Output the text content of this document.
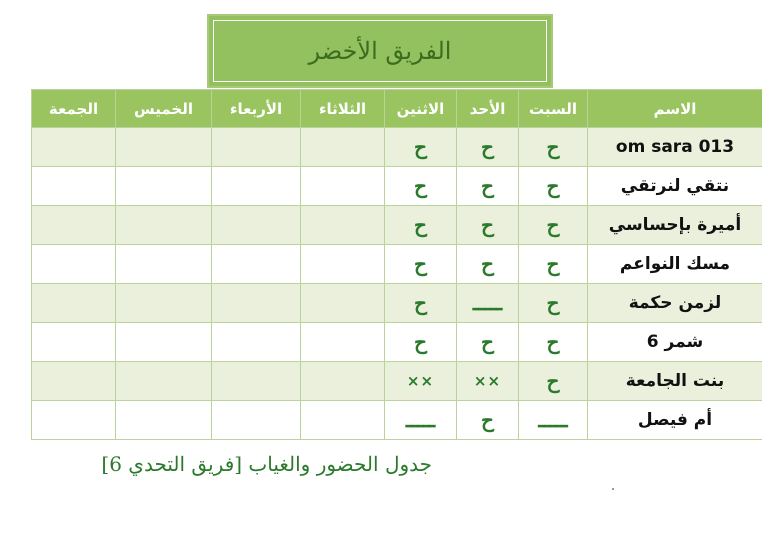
الفريق الأخضر
الجمعة	الخميس	الأربعاء	الثلاثاء	الاثنين	الأحد	السبت	الاسم
				ح	ح	ح	om sara 013
				ح	ح	ح	نتقي لنرتقي
				ح	ح	ح	أميرة بإحساسي
				ح	ح	ح	مسك النواعم
				ح	ـــــ	ح	لزمن حكمة
				ح	ح	ح	شمر 6
				××	××	ح	بنت الجامعة
				ـــــ	ح	ـــــ	أم فيصل
جدول الحضور والغياب [فريق التحدي 6]
